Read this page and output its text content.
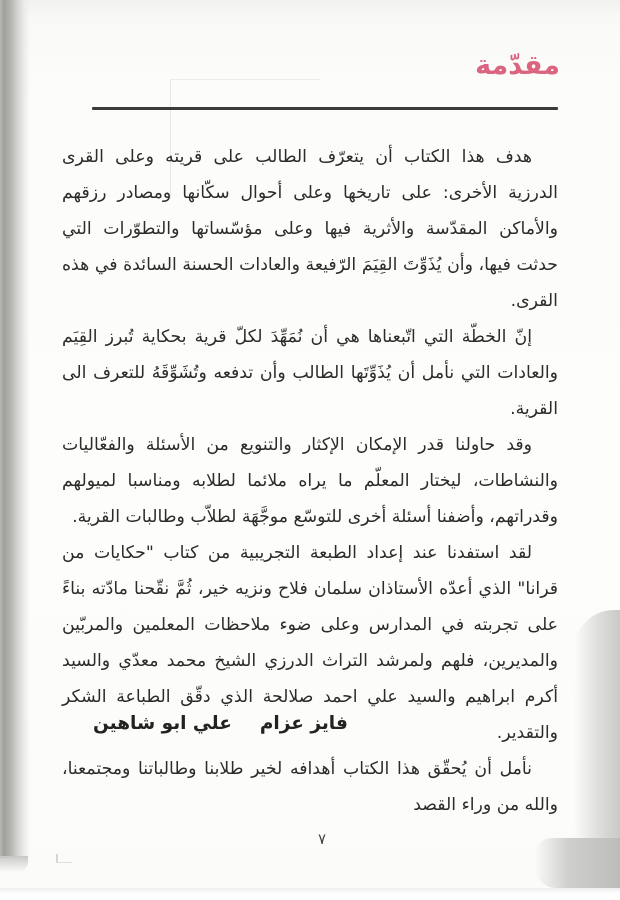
مقدّمة

هدف هذا الكتاب أن يتعرّف الطالب على قريته وعلى القرى الدرزية الأخرى: على تاريخها وعلى أحوال سكّانها ومصادر رزقهم والأماكن المقدّسة والأثرية فيها وعلى مؤسّساتها والتطوّرات التي حدثت فيها، وأن يُذَوِّتَ القِيَمَ الرّفيعة والعادات الحسنة السائدة في هذه القرى.

إنّ الخطّة التي اتّبعناها هي أن نُمَهِّدَ لكلّ قرية بحكاية تُبرز القِيَم والعادات التي نأمل أن يُذَوِّتَها الطالب وأن تدفعه وتُشَوِّقَهُ للتعرف الى القرية.

وقد حاولنا قدر الإمكان الإكثار والتنويع من الأسئلة والفعّاليات والنشاطات، ليختار المعلّم ما يراه ملائما لطلابه ومناسبا لميولهم وقدراتهم، وأضفنا أسئلة أخرى للتوسّع موجَّهَة لطلاّب وطالبات القرية.

لقد استفدنا عند إعداد الطبعة التجريبية من كتاب "حكايات من قرانا" الذي أعدّه الأستاذان سلمان فلاح ونزيه خير، ثُمَّ نقّحنا مادّته بناءً على تجربته في المدارس وعلى ضوء ملاحظات المعلمين والمربّين والمديرين، فلهم ولمرشد التراث الدرزي الشيخ محمد معدّي والسيد أكرم ابراهيم والسيد علي احمد صلالحة الذي دقّق الطباعة الشكر والتقدير.

نأمل أن يُحقّق هذا الكتاب أهدافه لخير طلابنا وطالباتنا ومجتمعنا، والله من وراء القصد

فايز عزام
علي ابو شاهين
٧
